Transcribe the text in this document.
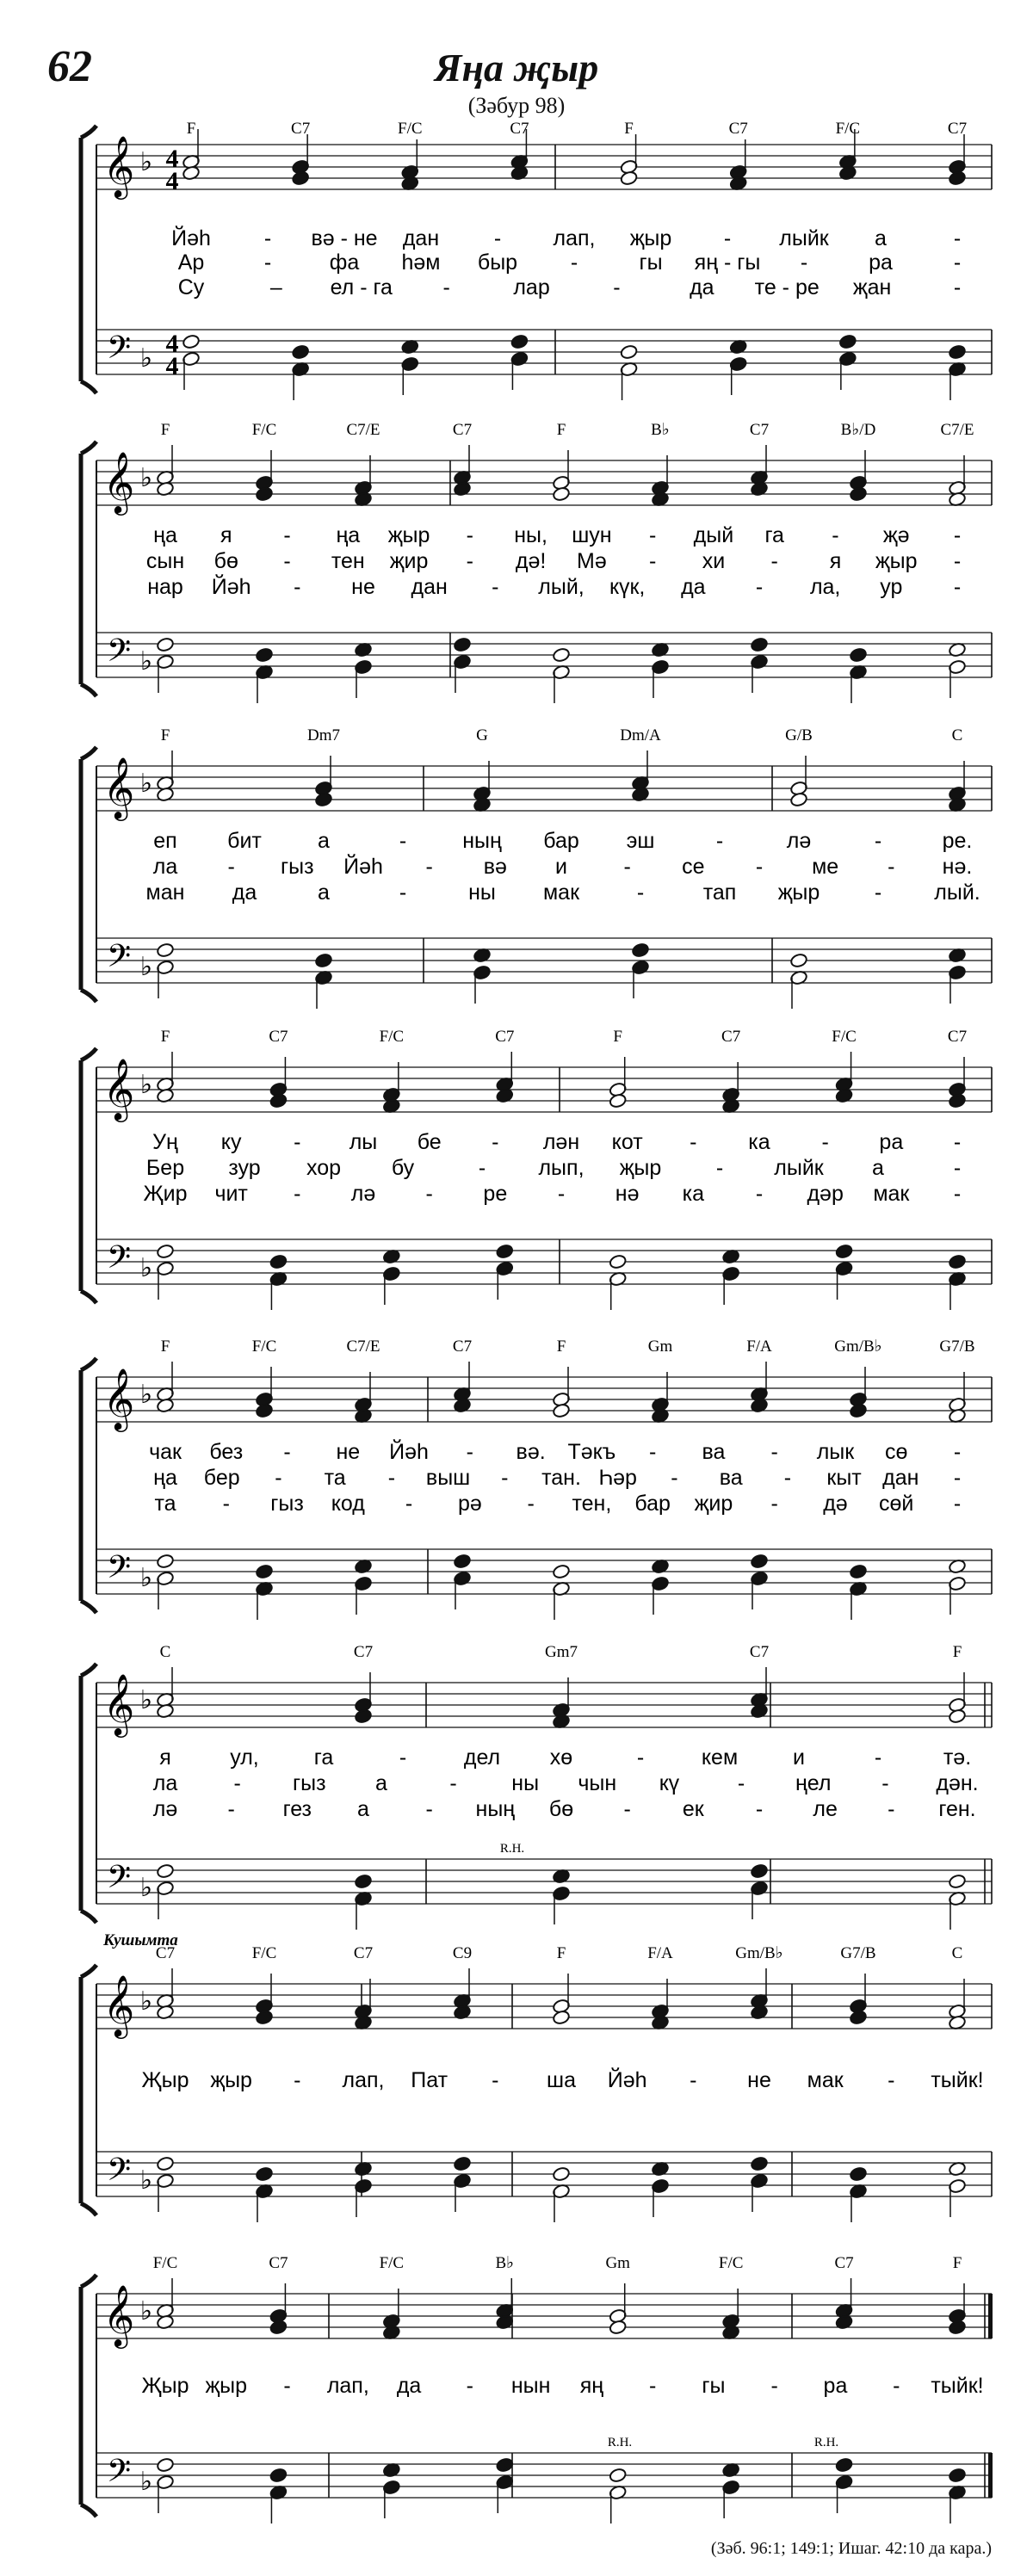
62	Яңа җыр
(Зәбур 98)
𝄞
𝄢
♭
♭
4
4
4
4
F	C7	F/C	C7	F	C7	F/C	C7
Йәһ - вә - не дан	- лап, җыр - лыйк а	-
Ар	-	фа һәм быр -	гы яң - гы -	ра	-
Су	– ел - га -	лар	-	да те - ре җан	-
𝄞
𝄢
♭
♭
F	F/C	C7/E	C7	F	B♭	C7	B♭/D	C7/E
ңа я - ңа җыр - ны, шун - дый га - җә -
сын бө - тен җир - дә! Мә - хи - я җыр -
нар Йәһ - не дан - лый, күк, да - ла, ур -
𝄞
𝄢
♭
♭
F	Dm7	G	Dm/A	G/B	C
еп бит	а	-	ның бар эш	-	лә	-	ре.
ла - гыз Йәһ - вә и	- се - ме - нә.
ман да	а	-	ны мак	-	тап җыр	- лый.
𝄞
𝄢
♭
♭
F	C7	F/C	C7	F	C7	F/C	C7
Уң ку - лы бе - лән кот - ка - ра -
Бер зур хор бу	- лып, җыр	- лыйк а	-
Җир чит - лә - ре - нә ка - дәр мак -
𝄞
𝄢
♭
♭
F	F/C	C7/E	C7	F	Gm	F/A	Gm/B♭	G7/B
чак без - не Йәһ - вә. Тәкъ - ва - лык сө -
ңа бер - та - выш - тан. Һәр - ва - кыт дан -
та - гыз код - рә - тен, бар җир - дә сөй -
𝄞
𝄢
♭
♭
C	C7	Gm7	C7	F
R.H.
я	ул,	га	-	дел хө	-	кем	и	-	тә.
ла	- гыз а	-	ны чын кү	- ңел - дән.
лә - гез а	- ның бө - ек - ле - ген.
𝄞
𝄢
♭
♭
C7	F/C	C7	C9	F	F/A	Gm/B♭	G7/B	C
Кушымта
Җыр җыр - лап, Пат - ша Йәһ - не мак - тыйк!
𝄞
𝄢
♭
♭
F/C	C7	F/C	B♭	Gm	F/C	C7	F
R.H.	R.H.
Җыр җыр - лап, да - нын яң - гы - ра - тыйк!
(Зәб. 96:1; 149:1; Ишаг. 42:10 да кара.)
